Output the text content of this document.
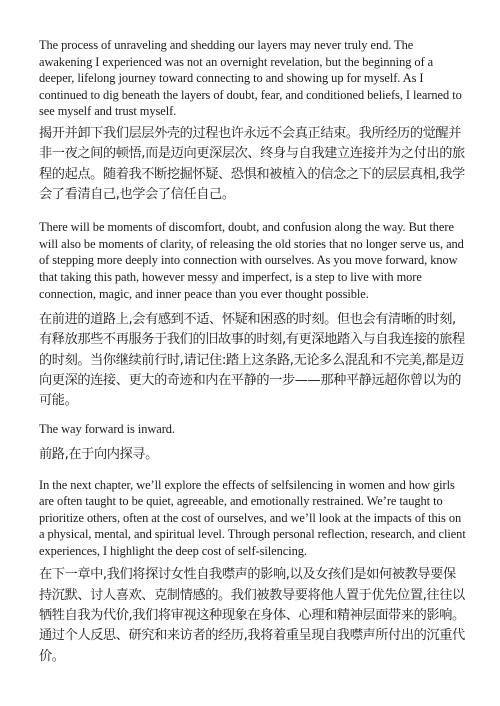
The process of unraveling and shedding our layers may never truly end. The awakening I experienced was not an overnight revelation, but the beginning of a deeper, lifelong journey toward connecting to and showing up for myself. As I continued to dig beneath the layers of doubt, fear, and conditioned beliefs, I learned to see myself and trust myself.

揭开并卸下我们层层外壳的过程也许永远不会真正结束。我所经历的觉醒并非一夜之间的顿悟,而是迈向更深层次、终身与自我建立连接并为之付出的旅程的起点。随着我不断挖掘怀疑、恐惧和被植入的信念之下的层层真相,我学会了看清自己,也学会了信任自己。

There will be moments of discomfort, doubt, and confusion along the way. But there will also be moments of clarity, of releasing the old stories that no longer serve us, and of stepping more deeply into connection with ourselves. As you move forward, know that taking this path, however messy and imperfect, is a step to live with more connection, magic, and inner peace than you ever thought possible.

在前进的道路上,会有感到不适、怀疑和困惑的时刻。但也会有清晰的时刻,有释放那些不再服务于我们的旧故事的时刻,有更深地踏入与自我连接的旅程的时刻。当你继续前行时,请记住:踏上这条路,无论多么混乱和不完美,都是迈向更深的连接、更大的奇迹和内在平静的一步——那种平静远超你曾以为的可能。

The way forward is inward.

前路,在于向内探寻。

In the next chapter, we’ll explore the effects of selfsilencing in women and how girls are often taught to be quiet, agreeable, and emotionally restrained. We’re taught to prioritize others, often at the cost of ourselves, and we’ll look at the impacts of this on a physical, mental, and spiritual level. Through personal reflection, research, and client experiences, I highlight the deep cost of self-silencing.

在下一章中,我们将探讨女性自我噤声的影响,以及女孩们是如何被教导要保持沉默、讨人喜欢、克制情感的。我们被教导要将他人置于优先位置,往往以牺牲自我为代价,我们将审视这种现象在身体、心理和精神层面带来的影响。通过个人反思、研究和来访者的经历,我将着重呈现自我噤声所付出的沉重代价。
